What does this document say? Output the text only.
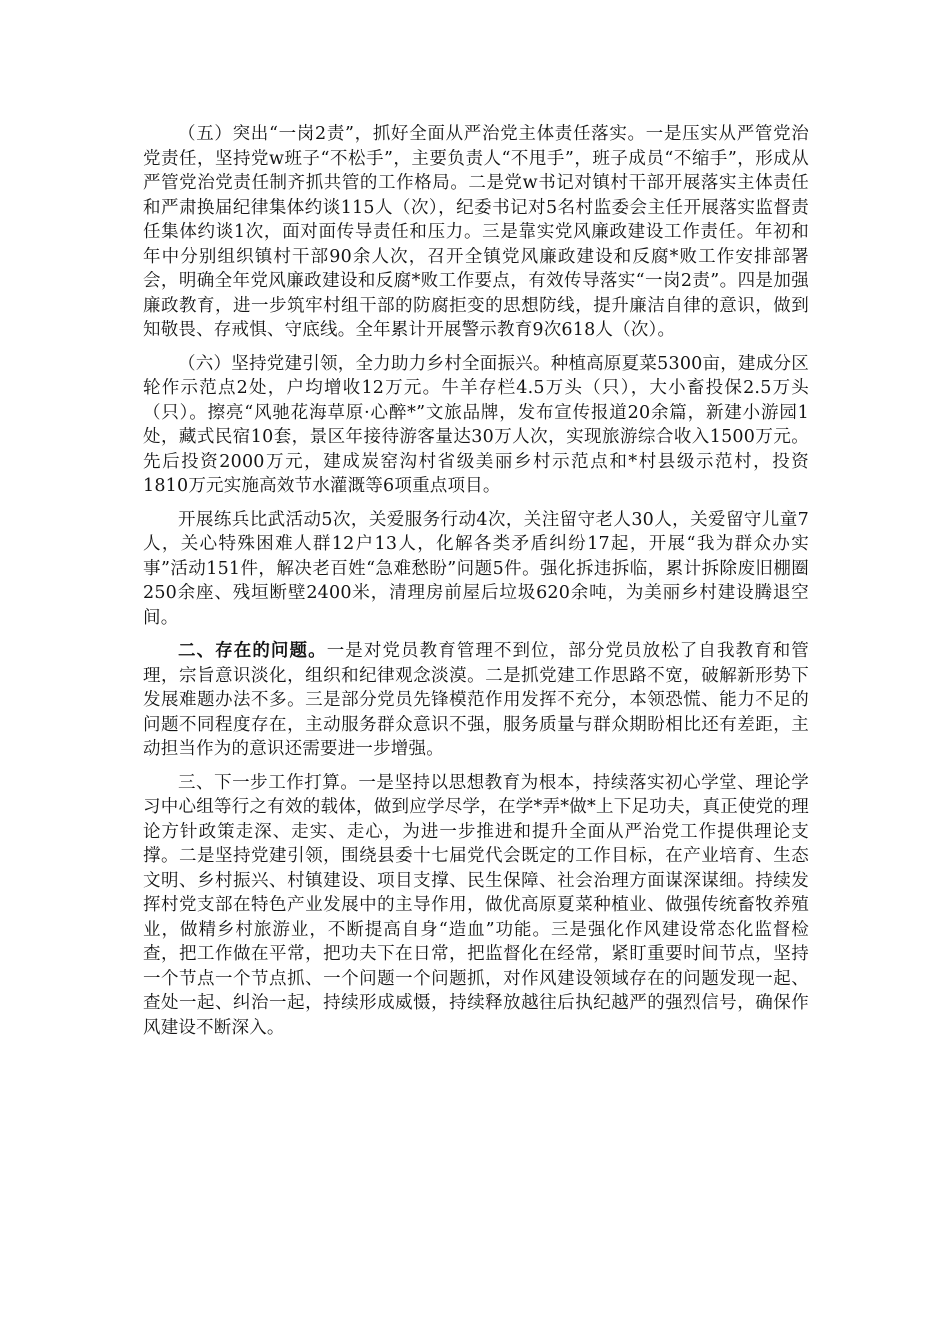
（五）突出“一岗2责”，抓好全面从严治党主体责任落实。一是压实从严管党治党责任，坚持党w班子“不松手”，主要负责人“不甩手”，班子成员“不缩手”，形成从严管党治党责任制齐抓共管的工作格局。二是党w书记对镇村干部开展落实主体责任和严肃换届纪律集体约谈115人（次），纪委书记对5名村监委会主任开展落实监督责任集体约谈1次，面对面传导责任和压力。三是靠实党风廉政建设工作责任。年初和年中分别组织镇村干部90余人次，召开全镇党风廉政建设和反腐*败工作安排部署会，明确全年党风廉政建设和反腐*败工作要点，有效传导落实“一岗2责”。四是加强廉政教育，进一步筑牢村组干部的防腐拒变的思想防线，提升廉洁自律的意识，做到知敬畏、存戒惧、守底线。全年累计开展警示教育9次618人（次）。

（六）坚持党建引领，全力助力乡村全面振兴。种植高原夏菜5300亩，建成分区轮作示范点2处，户均增收12万元。牛羊存栏4.5万头（只），大小畜投保2.5万头（只）。擦亮“风驰花海草原·心醉*”文旅品牌，发布宣传报道20余篇，新建小游园1处，藏式民宿10套，景区年接待游客量达30万人次，实现旅游综合收入1500万元。先后投资2000万元，建成炭窑沟村省级美丽乡村示范点和*村县级示范村，投资1810万元实施高效节水灌溉等6项重点项目。

开展练兵比武活动5次，关爱服务行动4次，关注留守老人30人，关爱留守儿童7人，关心特殊困难人群12户13人，化解各类矛盾纠纷17起，开展“我为群众办实事”活动151件，解决老百姓“急难愁盼”问题5件。强化拆违拆临，累计拆除废旧棚圈250余座、残垣断壁2400米，清理房前屋后垃圾620余吨，为美丽乡村建设腾退空间。

二、存在的问题。一是对党员教育管理不到位，部分党员放松了自我教育和管理，宗旨意识淡化，组织和纪律观念淡漠。二是抓党建工作思路不宽，破解新形势下发展难题办法不多。三是部分党员先锋模范作用发挥不充分，本领恐慌、能力不足的问题不同程度存在，主动服务群众意识不强，服务质量与群众期盼相比还有差距，主动担当作为的意识还需要进一步增强。

三、下一步工作打算。一是坚持以思想教育为根本，持续落实初心学堂、理论学习中心组等行之有效的载体，做到应学尽学，在学*弄*做*上下足功夫，真正使党的理论方针政策走深、走实、走心，为进一步推进和提升全面从严治党工作提供理论支撑。二是坚持党建引领，围绕县委十七届党代会既定的工作目标，在产业培育、生态文明、乡村振兴、村镇建设、项目支撑、民生保障、社会治理方面谋深谋细。持续发挥村党支部在特色产业发展中的主导作用，做优高原夏菜种植业、做强传统畜牧养殖业，做精乡村旅游业，不断提高自身“造血”功能。三是强化作风建设常态化监督检查，把工作做在平常，把功夫下在日常，把监督化在经常，紧盯重要时间节点，坚持一个节点一个节点抓、一个问题一个问题抓，对作风建设领域存在的问题发现一起、查处一起、纠治一起，持续形成威慑，持续释放越往后执纪越严的强烈信号，确保作风建设不断深入。
